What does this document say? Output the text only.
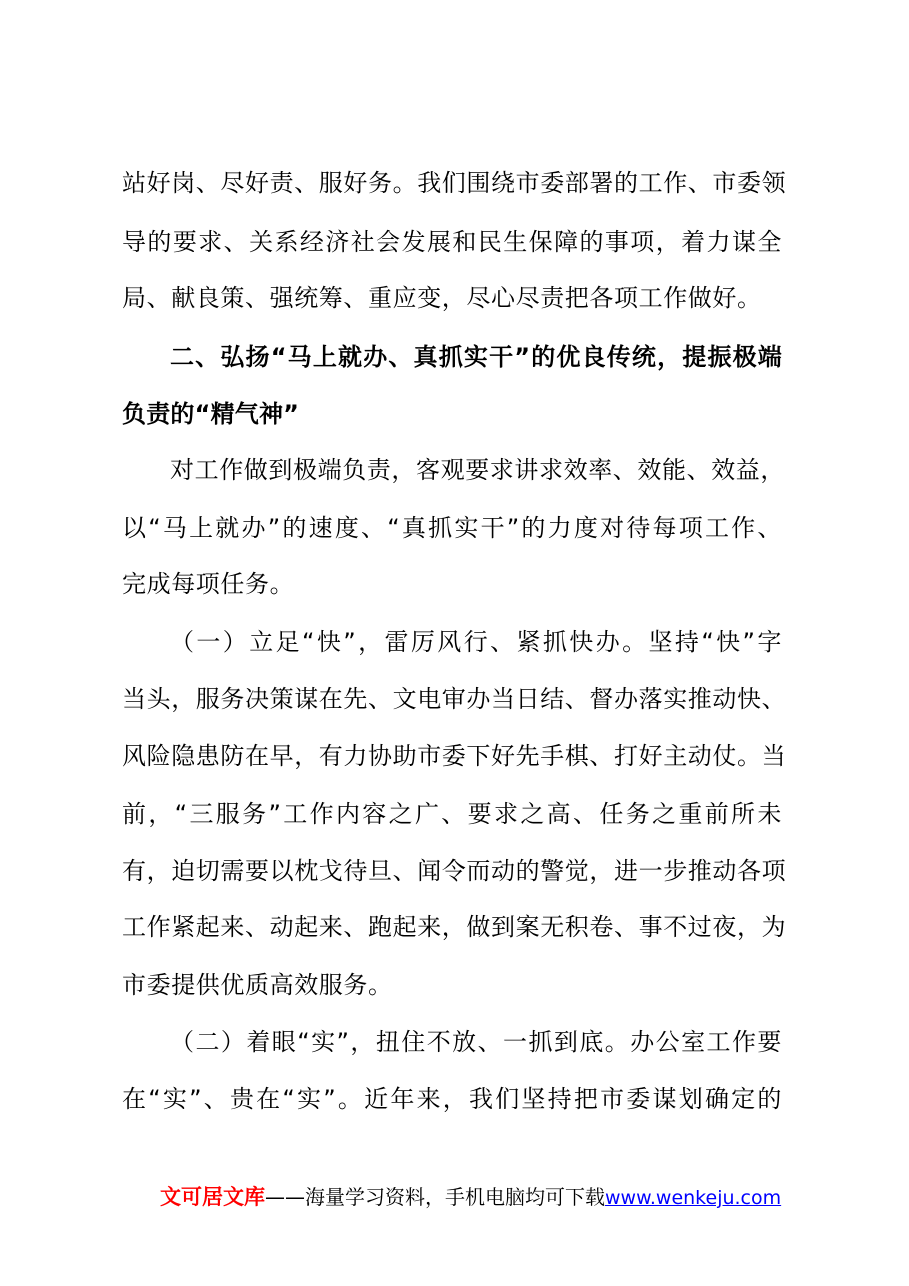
站好岗、尽好责、服好务。我们围绕市委部署的工作、市委领
导的要求、关系经济社会发展和民生保障的事项，着力谋全
局、献良策、强统筹、重应变，尽心尽责把各项工作做好。
二、弘扬“马上就办、真抓实干”的优良传统，提振极端
负责的“精气神”
对工作做到极端负责，客观要求讲求效率、效能、效益，
以“马上就办”的速度、“真抓实干”的力度对待每项工作、
完成每项任务。
（一）立足“快”，雷厉风行、紧抓快办。坚持“快”字
当头，服务决策谋在先、文电审办当日结、督办落实推动快、
风险隐患防在早，有力协助市委下好先手棋、打好主动仗。当
前，“三服务”工作内容之广、要求之高、任务之重前所未
有，迫切需要以枕戈待旦、闻令而动的警觉，进一步推动各项
工作紧起来、动起来、跑起来，做到案无积卷、事不过夜，为
市委提供优质高效服务。
（二）着眼“实”，扭住不放、一抓到底。办公室工作要
在“实”、贵在“实”。近年来，我们坚持把市委谋划确定的
文可居文库——海量学习资料，手机电脑均可下载www.wenkeju.com
